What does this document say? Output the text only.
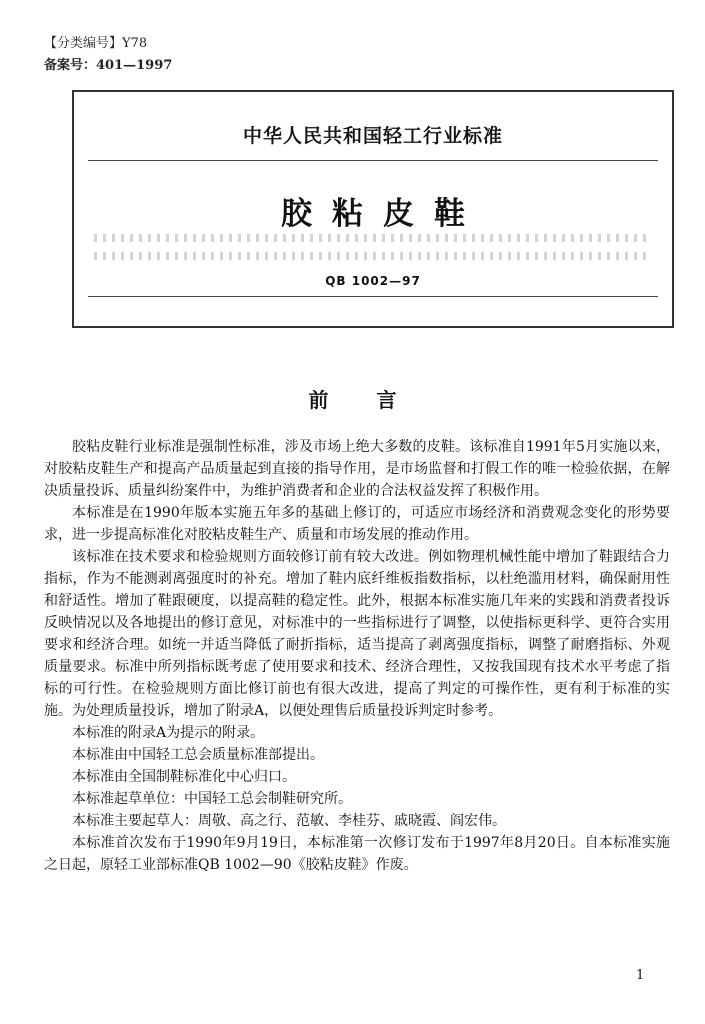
【分类编号】Y78
备案号：401—1997
中华人民共和国轻工行业标准
胶粘皮鞋
QB 1002—97
前言

胶粘皮鞋行业标准是强制性标准，涉及市场上绝大多数的皮鞋。该标准自1991年5月实施以来，对胶粘皮鞋生产和提高产品质量起到直接的指导作用，是市场监督和打假工作的唯一检验依据，在解决质量投诉、质量纠纷案件中，为维护消费者和企业的合法权益发挥了积极作用。

本标准是在1990年版本实施五年多的基础上修订的，可适应市场经济和消费观念变化的形势要求，进一步提高标准化对胶粘皮鞋生产、质量和市场发展的推动作用。

该标准在技术要求和检验规则方面较修订前有较大改进。例如物理机械性能中增加了鞋跟结合力指标，作为不能测剥离强度时的补充。增加了鞋内底纤维板指数指标，以杜绝滥用材料，确保耐用性和舒适性。增加了鞋跟硬度，以提高鞋的稳定性。此外，根据本标准实施几年来的实践和消费者投诉反映情况以及各地提出的修订意见，对标准中的一些指标进行了调整，以使指标更科学、更符合实用要求和经济合理。如统一并适当降低了耐折指标，适当提高了剥离强度指标，调整了耐磨指标、外观质量要求。标准中所列指标既考虑了使用要求和技术、经济合理性，又按我国现有技术水平考虑了指标的可行性。在检验规则方面比修订前也有很大改进，提高了判定的可操作性，更有利于标准的实施。为处理质量投诉，增加了附录A，以便处理售后质量投诉判定时参考。

本标准的附录A为提示的附录。

本标准由中国轻工总会质量标准部提出。

本标准由全国制鞋标准化中心归口。

本标准起草单位：中国轻工总会制鞋研究所。

本标准主要起草人：周敬、高之行、范敏、李桂芬、戚晓霞、阎宏伟。

本标准首次发布于1990年9月19日，本标准第一次修订发布于1997年8月20日。自本标准实施之日起，原轻工业部标准QB 1002—90《胶粘皮鞋》作废。

1
